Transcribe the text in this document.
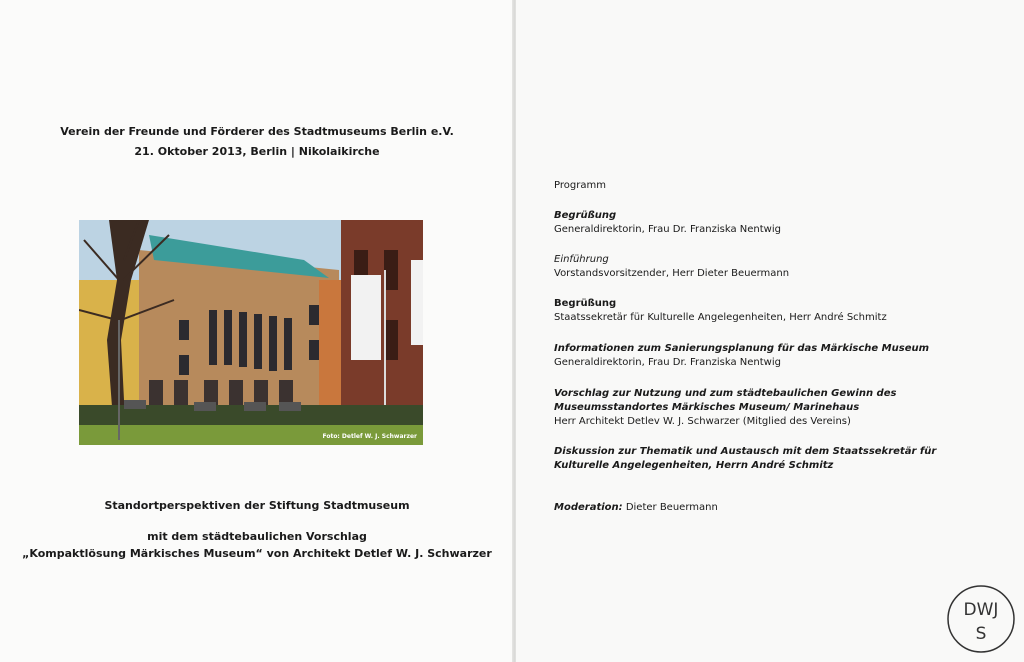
Verein der Freunde und Förderer des Stadtmuseums Berlin e.V.
21. Oktober 2013, Berlin | Nikolaikirche
Foto: Detlef W. J. Schwarzer
Standortperspektiven der Stiftung Stadtmuseum
mit dem städtebaulichen Vorschlag
„Kompaktlösung Märkisches Museum“ von Architekt Detlef W. J. Schwarzer
Programm
Begrüßung
Generaldirektorin, Frau Dr. Franziska Nentwig
Einführung
Vorstandsvorsitzender, Herr Dieter Beuermann
Begrüßung
Staatssekretär für Kulturelle Angelegenheiten, Herr André Schmitz
Informationen zum Sanierungsplanung für das Märkische Museum
Generaldirektorin, Frau Dr. Franziska Nentwig
Vorschlag zur Nutzung und zum städtebaulichen Gewinn des Museumsstandortes Märkisches Museum/ Marinehaus
Herr Architekt Detlev W. J. Schwarzer (Mitglied des Vereins)
Diskussion zur Thematik und Austausch mit dem Staatssekretär für Kulturelle Angelegenheiten, Herrn André Schmitz
Moderation: Dieter Beuermann
DWJ
S
